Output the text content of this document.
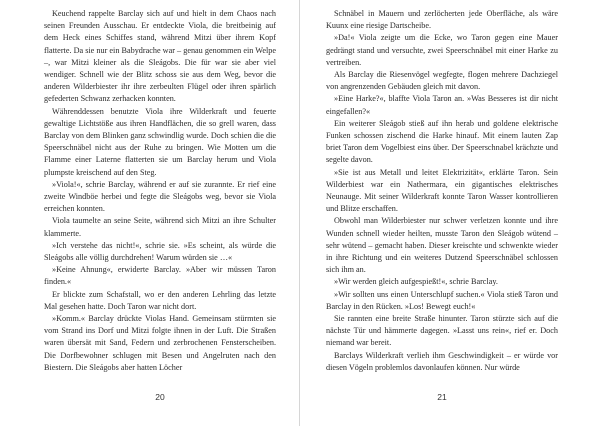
Keuchend rappelte Barclay sich auf und hielt in dem Chaos nach seinen Freunden Ausschau. Er entdeckte Viola, die breitbeinig auf dem Heck eines Schiffes stand, während Mitzi über ihrem Kopf flatterte. Da sie nur ein Babydrache war – genau genommen ein Welpe –, war Mitzi kleiner als die Sleágobs. Die für war sie aber viel wendiger. Schnell wie der Blitz schoss sie aus dem Weg, bevor die anderen Wilderbiester ihr ihre zerbeulten Flügel oder ihren spärlich gefederten Schwanz zerhacken konnten.

Währenddessen benutzte Viola ihre Wilderkraft und feuerte gewaltige Lichtstöße aus ihren Handflächen, die so grell waren, dass Barclay von dem Blinken ganz schwindlig wurde. Doch schien die die Speerschnäbel nicht aus der Ruhe zu bringen. Wie Motten um die Flamme einer Laterne flatterten sie um Barclay herum und Viola plumpste kreischend auf den Steg.

»Viola!«, schrie Barclay, während er auf sie zurannte. Er rief eine zweite Windböe herbei und fegte die Sleágobs weg, bevor sie Viola erreichen konnten.

Viola taumelte an seine Seite, während sich Mitzi an ihre Schulter klammerte.

»Ich verstehe das nicht!«, schrie sie. »Es scheint, als würde die Sleágobs alle völlig durchdrehen! Warum würden sie …«

»Keine Ahnung«, erwiderte Barclay. »Aber wir müssen Taron finden.«

Er blickte zum Schafstall, wo er den anderen Lehrling das letzte Mal gesehen hatte. Doch Taron war nicht dort.

»Komm.« Barclay drückte Violas Hand. Gemeinsam stürmten sie vom Strand ins Dorf und Mitzi folgte ihnen in der Luft. Die Straßen waren übersät mit Sand, Federn und zerbrochenen Fensterscheiben. Die Dorfbewohner schlugen mit Besen und Angelruten nach den Biestern. Die Sleágobs aber hatten Löcher

20

Schnäbel in Mauern und zerlöcherten jede Oberfläche, als wäre Kuunx eine riesige Dartscheibe.

»Da!« Viola zeigte um die Ecke, wo Taron gegen eine Mauer gedrängt stand und versuchte, zwei Speerschnäbel mit einer Harke zu vertreiben.

Als Barclay die Riesenvögel wegfegte, flogen mehrere Dachziegel von angrenzenden Gebäuden gleich mit davon.

»Eine Harke?«, blaffte Viola Taron an. »Was Besseres ist dir nicht eingefallen?«

Ein weiterer Sleágob stieß auf ihn herab und goldene elektrische Funken schossen zischend die Harke hinauf. Mit einem lauten Zap briet Taron dem Vogelbiest eins über. Der Speerschnabel krächzte und segelte davon.

»Sie ist aus Metall und leitet Elektrizität«, erklärte Taron. Sein Wilderbiest war ein Nathermara, ein gigantisches elektrisches Neunauge. Mit seiner Wilderkraft konnte Taron Wasser kontrollieren und Blitze erschaffen.

Obwohl man Wilderbiester nur schwer verletzen konnte und ihre Wunden schnell wieder heilten, musste Taron den Sleágob wütend – sehr wütend – gemacht haben. Dieser kreischte und schwenkte wieder in ihre Richtung und ein weiteres Dutzend Speerschnäbel schlossen sich ihm an.

»Wir werden gleich aufgespießt!«, schrie Barclay.

»Wir sollten uns einen Unterschlupf suchen.« Viola stieß Taron und Barclay in den Rücken. »Los! Bewegt euch!«

Sie rannten eine breite Straße hinunter. Taron stürzte sich auf die nächste Tür und hämmerte dagegen. »Lasst uns rein«, rief er. Doch niemand war bereit.

Barclays Wilderkraft verlieh ihm Geschwindigkeit – er würde vor diesen Vögeln problemlos davonlaufen können. Nur würde

21
